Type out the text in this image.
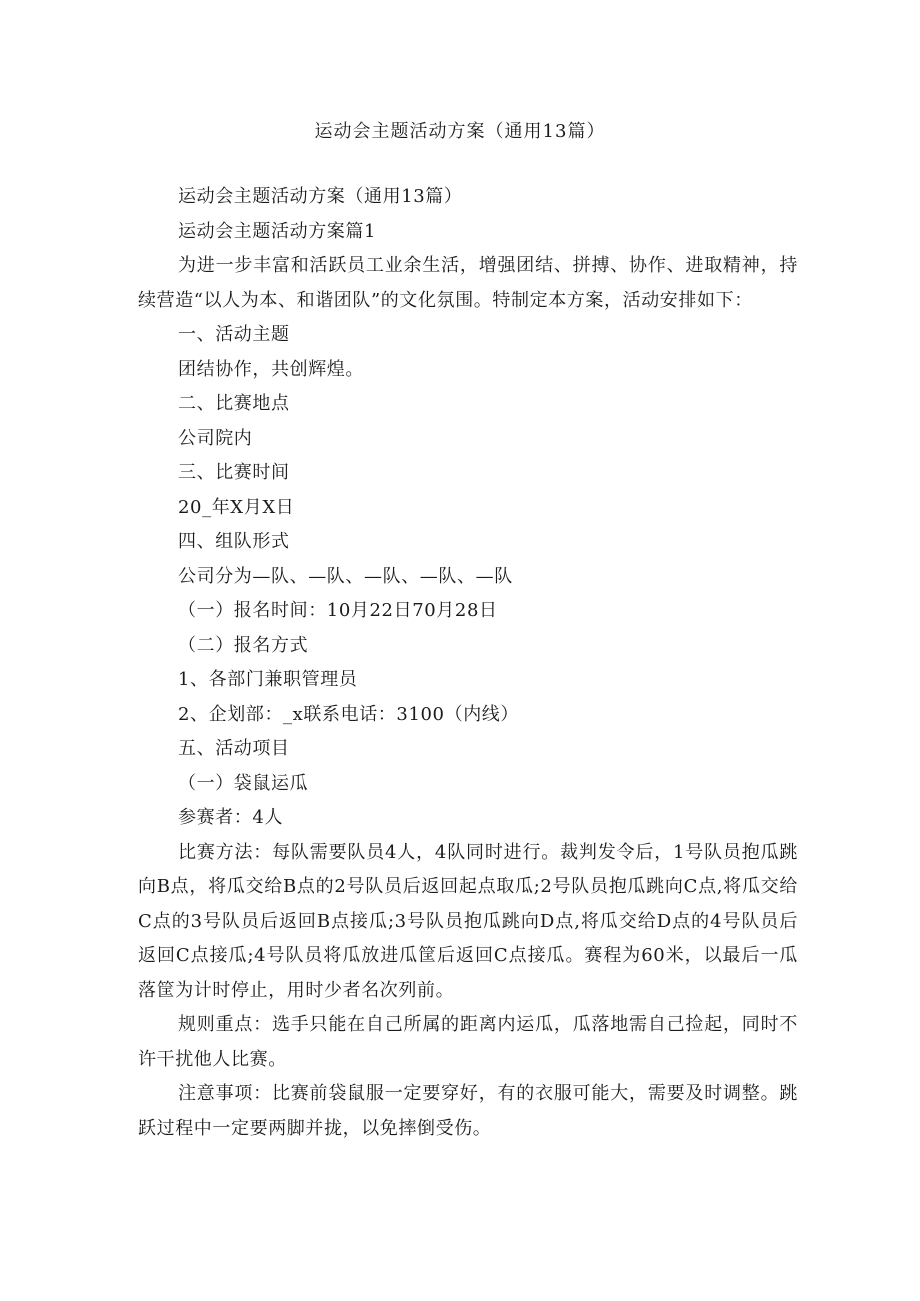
运动会主题活动方案（通用13篇）

运动会主题活动方案（通用13篇）

运动会主题活动方案篇1

为进一步丰富和活跃员工业余生活，增强团结、拼搏、协作、进取精神，持续营造“以人为本、和谐团队”的文化氛围。特制定本方案，活动安排如下：

一、活动主题

团结协作，共创辉煌。

二、比赛地点

公司院内

三、比赛时间

20_年X月X日

四、组队形式

公司分为—队、—队、—队、—队、—队

（一）报名时间：10月22日70月28日

（二）报名方式

1、各部门兼职管理员

2、企划部：_x联系电话：3100（内线）

五、活动项目

（一）袋鼠运瓜

参赛者：4人

比赛方法：每队需要队员4人，4队同时进行。裁判发令后，1号队员抱瓜跳向B点，将瓜交给B点的2号队员后返回起点取瓜;2号队员抱瓜跳向C点,将瓜交给C点的3号队员后返回B点接瓜;3号队员抱瓜跳向D点,将瓜交给D点的4号队员后返回C点接瓜;4号队员将瓜放进瓜筐后返回C点接瓜。赛程为60米，以最后一瓜落筐为计时停止，用时少者名次列前。

规则重点：选手只能在自己所属的距离内运瓜，瓜落地需自己捡起，同时不许干扰他人比赛。

注意事项：比赛前袋鼠服一定要穿好，有的衣服可能大，需要及时调整。跳跃过程中一定要两脚并拢，以免摔倒受伤。
